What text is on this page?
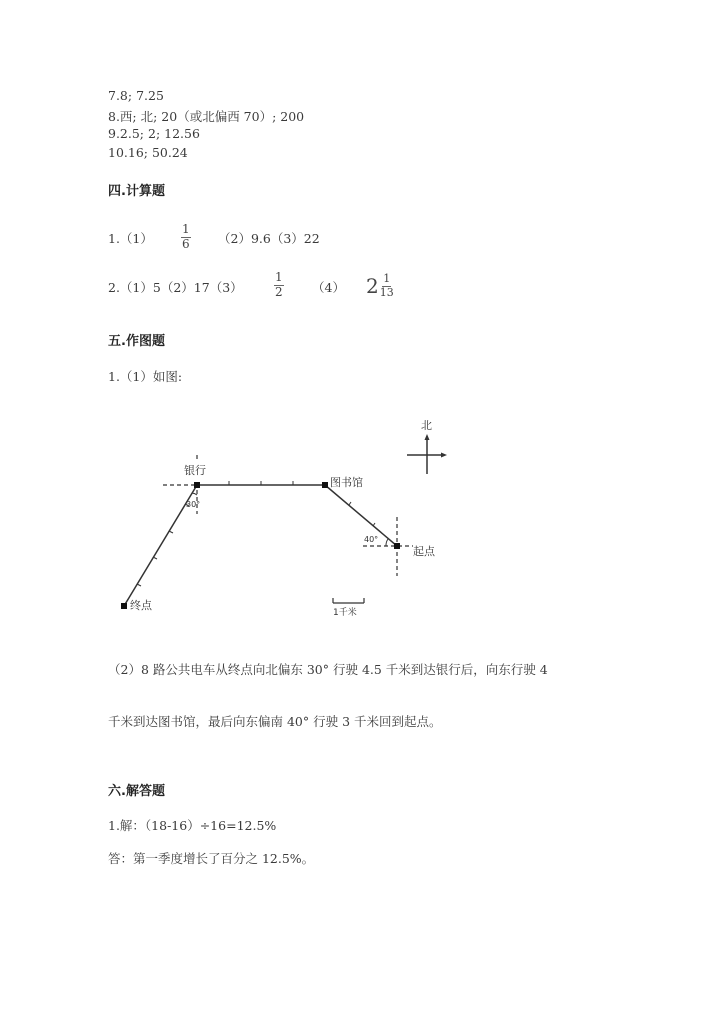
7.8; 7.25
8.西; 北; 20（或北偏西 70）; 200
9.2.5; 2; 12.56
10.16; 50.24
四.计算题
$1.(1) \frac{1}{6} (2)9.6(3)22$
2.（1）5（2）17（3）	$\frac{1}{2} (4)$ $2 \frac{1}{13}$
五.作图题
1.（1）如图:
北
银行
图书馆
起点
终点
30°
40°
1千米
（2）8 路公共电车从终点向北偏东 30° 行驶 4.5 千米到达银行后，向东行驶 4
千米到达图书馆，最后向东偏南 40° 行驶 3 千米回到起点。
六.解答题
1.解：（18-16）÷16=12.5%
答：第一季度增长了百分之 12.5%。
